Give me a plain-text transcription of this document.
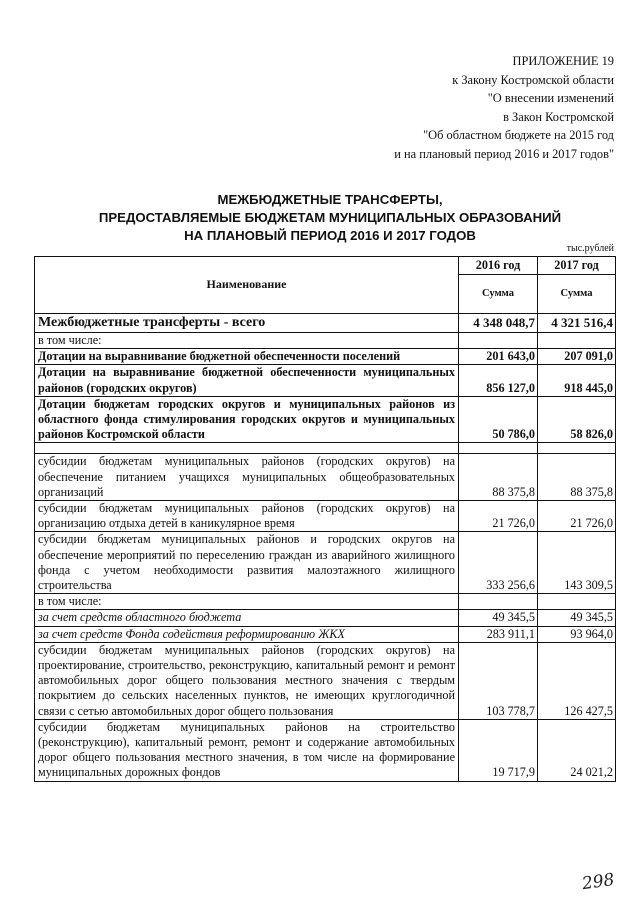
ПРИЛОЖЕНИЕ 19
к Закону Костромской области
"О внесении изменений
в Закон Костромской
"Об областном бюджете на 2015 год
и на плановый период 2016 и 2017 годов"
МЕЖБЮДЖЕТНЫЕ ТРАНСФЕРТЫ,
ПРЕДОСТАВЛЯЕМЫЕ БЮДЖЕТАМ МУНИЦИПАЛЬНЫХ ОБРАЗОВАНИЙ
НА ПЛАНОВЫЙ ПЕРИОД 2016 И 2017 ГОДОВ
тыс.рублей
Наименование	2016 год	2017 год
	Сумма	Сумма
Межбюджетные трансферты - всего	4 348 048,7	4 321 516,4
в том числе:		
Дотации на выравнивание бюджетной обеспеченности поселений	201 643,0	207 091,0
Дотации на выравнивание бюджетной обеспеченности муниципальных районов (городских округов)	856 127,0	918 445,0
Дотации бюджетам городских округов и муниципальных районов из областного фонда стимулирования городских округов и муниципальных районов Костромской области	50 786,0	58 826,0

субсидии бюджетам муниципальных районов (городских округов) на обеспечение питанием учащихся муниципальных общеобразовательных организаций	88 375,8	88 375,8
субсидии бюджетам муниципальных районов (городских округов) на организацию отдыха детей в каникулярное время	21 726,0	21 726,0
субсидии бюджетам муниципальных районов и городских округов на обеспечение мероприятий по переселению граждан из аварийного жилищного фонда с учетом необходимости развития малоэтажного жилищного строительства	333 256,6	143 309,5
в том числе:		
за счет средств областного бюджета	49 345,5	49 345,5
за счет средств Фонда содействия реформированию ЖКХ	283 911,1	93 964,0
субсидии бюджетам муниципальных районов (городских округов) на проектирование, строительство, реконструкцию, капитальный ремонт и ремонт автомобильных дорог общего пользования местного значения с твердым покрытием до сельских населенных пунктов, не имеющих круглогодичной связи с сетью автомобильных дорог общего пользования	103 778,7	126 427,5
субсидии бюджетам муниципальных районов на строительство (реконструкцию), капитальный ремонт, ремонт и содержание автомобильных дорог общего пользования местного значения, в том числе на формирование муниципальных дорожных фондов	19 717,9	24 021,2
298
